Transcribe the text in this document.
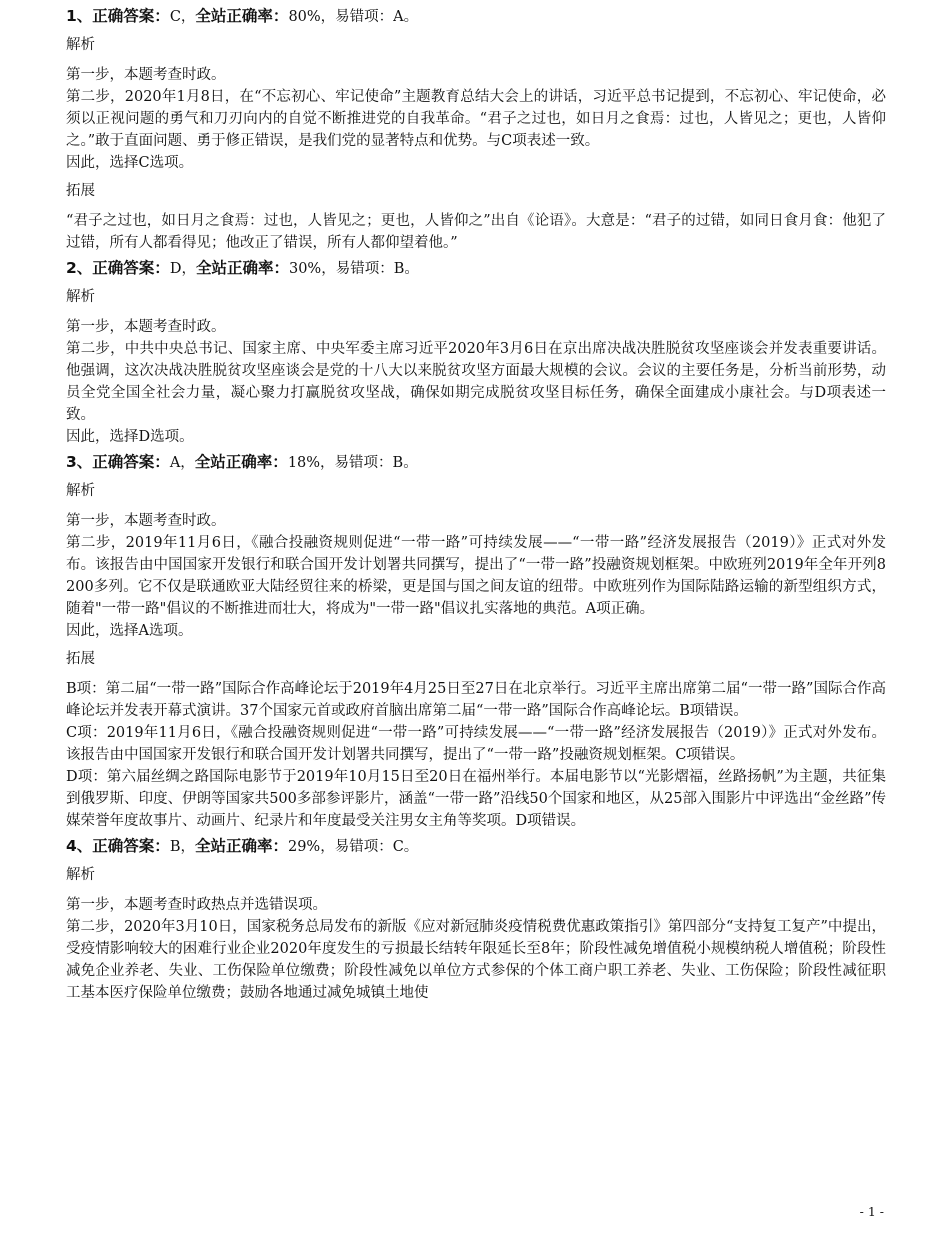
1、正确答案：C，全站正确率：80%，易错项：A。

解析

第一步，本题考查时政。

第二步，2020年1月8日，在“不忘初心、牢记使命”主题教育总结大会上的讲话，习近平总书记提到，不忘初心、牢记使命，必须以正视问题的勇气和刀刃向内的自觉不断推进党的自我革命。“君子之过也，如日月之食焉：过也，人皆见之；更也，人皆仰之。”敢于直面问题、勇于修正错误，是我们党的显著特点和优势。与C项表述一致。

因此，选择C选项。

拓展

“君子之过也，如日月之食焉：过也，人皆见之；更也，人皆仰之”出自《论语》。大意是：“君子的过错，如同日食月食：他犯了过错，所有人都看得见；他改正了错误，所有人都仰望着他。”

2、正确答案：D，全站正确率：30%，易错项：B。

解析

第一步，本题考查时政。

第二步，中共中央总书记、国家主席、中央军委主席习近平2020年3月6日在京出席决战决胜脱贫攻坚座谈会并发表重要讲话。他强调，这次决战决胜脱贫攻坚座谈会是党的十八大以来脱贫攻坚方面最大规模的会议。会议的主要任务是，分析当前形势，动员全党全国全社会力量，凝心聚力打赢脱贫攻坚战，确保如期完成脱贫攻坚目标任务，确保全面建成小康社会。与D项表述一致。

因此，选择D选项。

3、正确答案：A，全站正确率：18%，易错项：B。

解析

第一步，本题考查时政。

第二步，2019年11月6日，《融合投融资规则促进“一带一路”可持续发展——“一带一路”经济发展报告（2019）》正式对外发布。该报告由中国国家开发银行和联合国开发计划署共同撰写，提出了“一带一路”投融资规划框架。中欧班列2019年全年开列8200多列。它不仅是联通欧亚大陆经贸往来的桥梁，更是国与国之间友谊的纽带。中欧班列作为国际陆路运输的新型组织方式，随着"一带一路"倡议的不断推进而壮大，将成为"一带一路"倡议扎实落地的典范。A项正确。

因此，选择A选项。

拓展

B项：第二届“一带一路”国际合作高峰论坛于2019年4月25日至27日在北京举行。习近平主席出席第二届“一带一路”国际合作高峰论坛并发表开幕式演讲。37个国家元首或政府首脑出席第二届“一带一路”国际合作高峰论坛。B项错误。

C项：2019年11月6日，《融合投融资规则促进“一带一路”可持续发展——“一带一路”经济发展报告（2019）》正式对外发布。该报告由中国国家开发银行和联合国开发计划署共同撰写，提出了“一带一路”投融资规划框架。C项错误。

D项：第六届丝绸之路国际电影节于2019年10月15日至20日在福州举行。本届电影节以“光影熠福，丝路扬帆”为主题，共征集到俄罗斯、印度、伊朗等国家共500多部参评影片，涵盖“一带一路”沿线50个国家和地区，从25部入围影片中评选出“金丝路”传媒荣誉年度故事片、动画片、纪录片和年度最受关注男女主角等奖项。D项错误。

4、正确答案：B，全站正确率：29%，易错项：C。

解析

第一步，本题考查时政热点并选错误项。

第二步，2020年3月10日，国家税务总局发布的新版《应对新冠肺炎疫情税费优惠政策指引》第四部分“支持复工复产”中提出，受疫情影响较大的困难行业企业2020年度发生的亏损最长结转年限延长至8年；阶段性减免增值税小规模纳税人增值税；阶段性减免企业养老、失业、工伤保险单位缴费；阶段性减免以单位方式参保的个体工商户职工养老、失业、工伤保险；阶段性减征职工基本医疗保险单位缴费；鼓励各地通过减免城镇土地使

- 1 -
